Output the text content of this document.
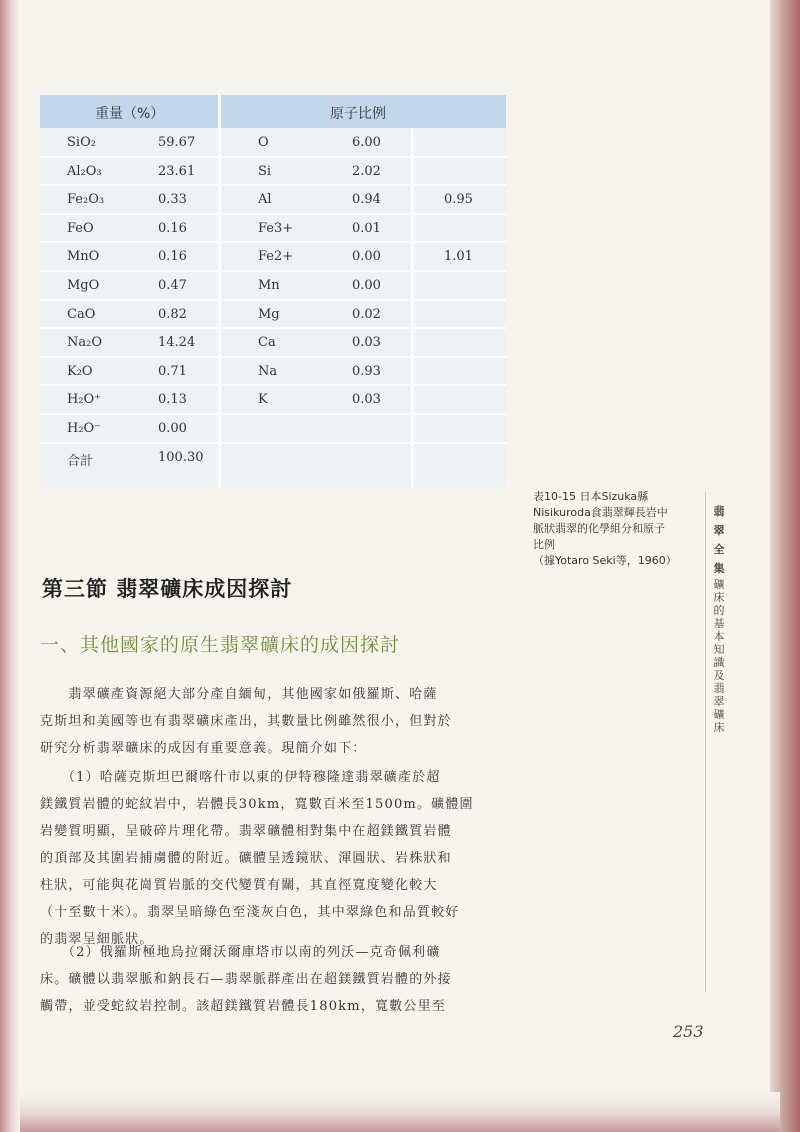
重量（%）	原子比例
SiO₂	59.67	O	6.00
Al₂O₃	23.61	Si	2.02
Fe₂O₃	0.33	Al	0.94	0.95
FeO	0.16	Fe3+	0.01
MnO	0.16	Fe2+	0.00	1.01
MgO	0.47	Mn	0.00
CaO	0.82	Mg	0.02
Na₂O	14.24	Ca	0.03
K₂O	0.71	Na	0.93
H₂O⁺	0.13	K	0.03
H₂O⁻	0.00
合計	100.30
表10-15 日本Sizuka縣
Nisikuroda食翡翠輝長岩中
脈狀翡翠的化學組分和原子
比例
（據Yotaro Seki等，1960）
翡
翠
全
集
礦
床
的
基
本
知
識
及
翡
翠
礦
床
第三節 翡翠礦床成因探討
一、其他國家的原生翡翠礦床的成因探討
　　翡翠礦產資源絕大部分產自緬甸，其他國家如俄羅斯、哈薩
克斯坦和美國等也有翡翠礦床產出，其數量比例雖然很小，但對於
研究分析翡翠礦床的成因有重要意義。現簡介如下：
　　（1）哈薩克斯坦巴爾喀什市以東的伊特穆隆達翡翠礦產於超
鎂鐵質岩體的蛇紋岩中，岩體長30km，寬數百米至1500m。礦體圍
岩變質明顯，呈破碎片理化帶。翡翠礦體相對集中在超鎂鐵質岩體
的頂部及其圍岩捕虜體的附近。礦體呈透鏡狀、渾圓狀、岩株狀和
柱狀，可能與花崗質岩脈的交代變質有關，其直徑寬度變化較大
（十至數十米）。翡翠呈暗綠色至淺灰白色，其中翠綠色和品質較好
的翡翠呈細脈狀。
　　（2）俄羅斯極地烏拉爾沃爾庫塔市以南的列沃—克奇佩利礦
床。礦體以翡翠脈和鈉長石—翡翠脈群產出在超鎂鐵質岩體的外接
觸帶，並受蛇紋岩控制。該超鎂鐵質岩體長180km，寬數公里至
253
